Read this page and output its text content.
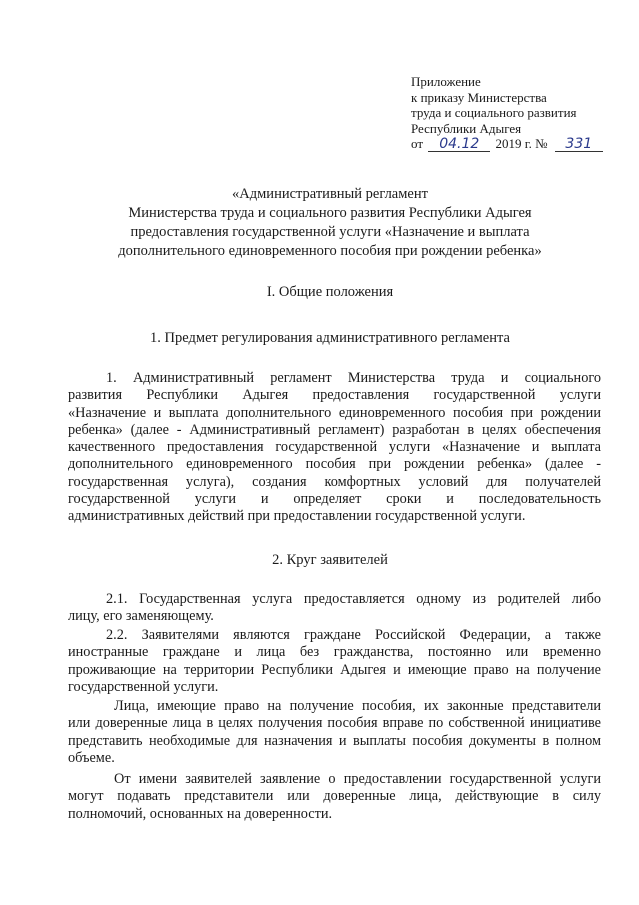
Приложение
к приказу Министерства
труда и социального развития
Республики Адыгея
от 04.12 2019 г. № 331
«Административный регламент
Министерства труда и социального развития Республики Адыгея
предоставления государственной услуги «Назначение и выплата
дополнительного единовременного пособия при рождении ребенка»
I. Общие положения
1. Предмет регулирования административного регламента
1. Административный регламент Министерства труда и социального
развития Республики Адыгея предоставления государственной услуги
«Назначение и выплата дополнительного единовременного пособия при рождении
ребенка» (далее - Административный регламент) разработан в целях обеспечения
качественного предоставления государственной услуги «Назначение и выплата
дополнительного единовременного пособия при рождении ребенка» (далее -
государственная услуга), создания комфортных условий для получателей
государственной услуги и определяет сроки и последовательность
административных действий при предоставлении государственной услуги.
2. Круг заявителей
2.1. Государственная услуга предоставляется одному из родителей либо
лицу, его заменяющему.
2.2. Заявителями являются граждане Российской Федерации, а также
иностранные граждане и лица без гражданства, постоянно или временно
проживающие на территории Республики Адыгея и имеющие право на получение
государственной услуги.
Лица, имеющие право на получение пособия, их законные представители
или доверенные лица в целях получения пособия вправе по собственной инициативе
представить необходимые для назначения и выплаты пособия документы в полном
объеме.
От имени заявителей заявление о предоставлении государственной услуги
могут подавать представители или доверенные лица, действующие в силу
полномочий, основанных на доверенности.
